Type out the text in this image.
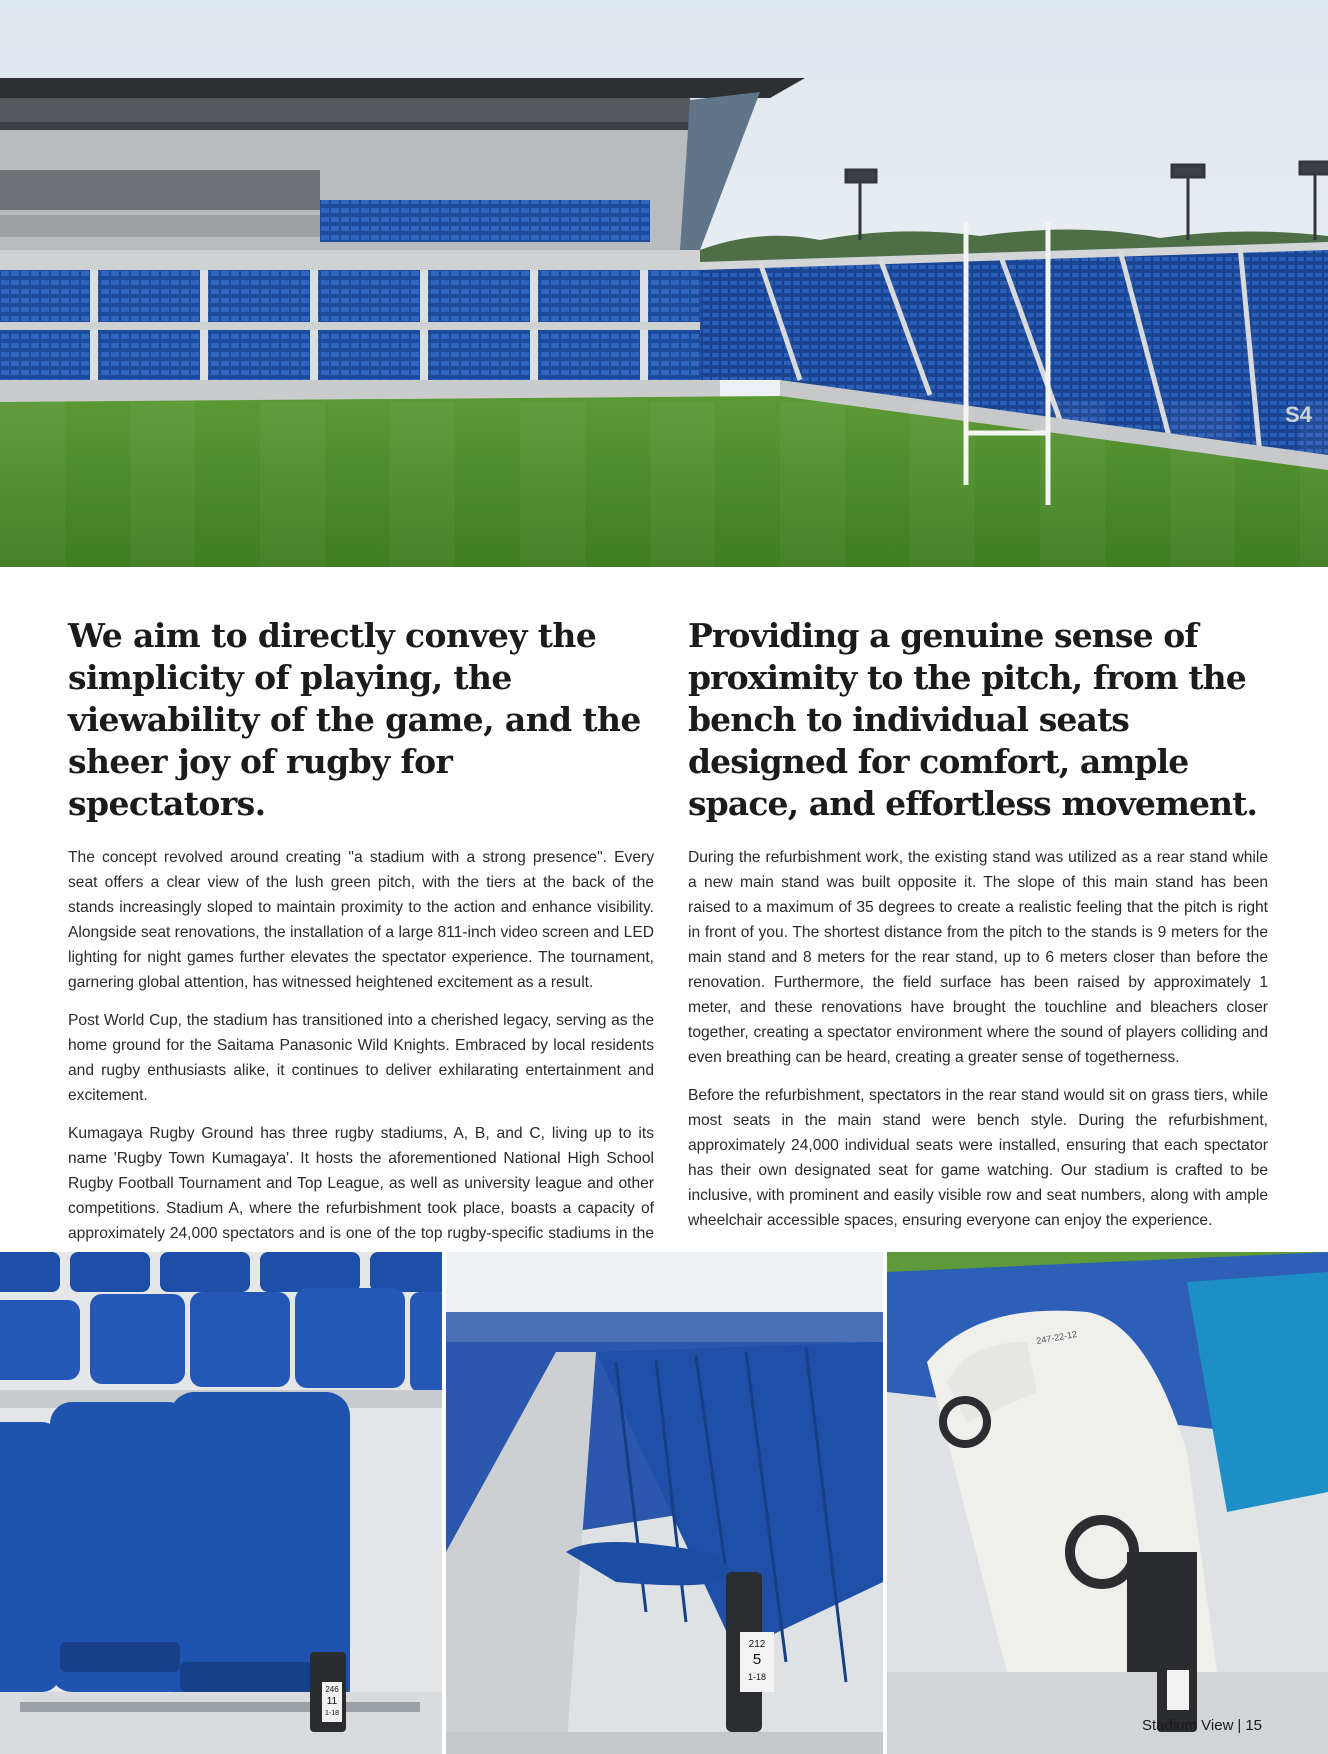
S4
We aim to directly convey the simplicity of playing, the viewability of the game, and the sheer joy of rugby for spectators.

The concept revolved around creating "a stadium with a strong presence". Every seat offers a clear view of the lush green pitch, with the tiers at the back of the stands increasingly sloped to maintain proximity to the action and enhance visibility. Alongside seat renovations, the installation of a large 811-inch video screen and LED lighting for night games further elevates the spectator experience. The tournament, garnering global attention, has witnessed heightened excitement as a result.

Post World Cup, the stadium has transitioned into a cherished legacy, serving as the home ground for the Saitama Panasonic Wild Knights. Embraced by local residents and rugby enthusiasts alike, it continues to deliver exhilarating entertainment and excitement.

Kumagaya Rugby Ground has three rugby stadiums, A, B, and C, living up to its name 'Rugby Town Kumagaya'. It hosts the aforementioned National High School Rugby Football Tournament and Top League, as well as university league and other competitions. Stadium A, where the refurbishment took place, boasts a capacity of approximately 24,000 spectators and is one of the top rugby-specific stadiums in the

Providing a genuine sense of proximity to the pitch, from the bench to individual seats designed for comfort, ample space, and effortless movement.

During the refurbishment work, the existing stand was utilized as a rear stand while a new main stand was built opposite it. The slope of this main stand has been raised to a maximum of 35 degrees to create a realistic feeling that the pitch is right in front of you. The shortest distance from the pitch to the stands is 9 meters for the main stand and 8 meters for the rear stand, up to 6 meters closer than before the renovation. Furthermore, the field surface has been raised by approximately 1 meter, and these renovations have brought the touchline and bleachers closer together, creating a spectator environment where the sound of players colliding and even breathing can be heard, creating a greater sense of togetherness.

Before the refurbishment, spectators in the rear stand would sit on grass tiers, while most seats in the main stand were bench style. During the refurbishment, approximately 24,000 individual seats were installed, ensuring that each spectator has their own designated seat for game watching. Our stadium is crafted to be inclusive, with prominent and easily visible row and seat numbers, along with ample wheelchair accessible spaces, ensuring everyone can enjoy the experience.

246
11
1-18
212
5
1-18
247-22-12
Stadium View | 15
